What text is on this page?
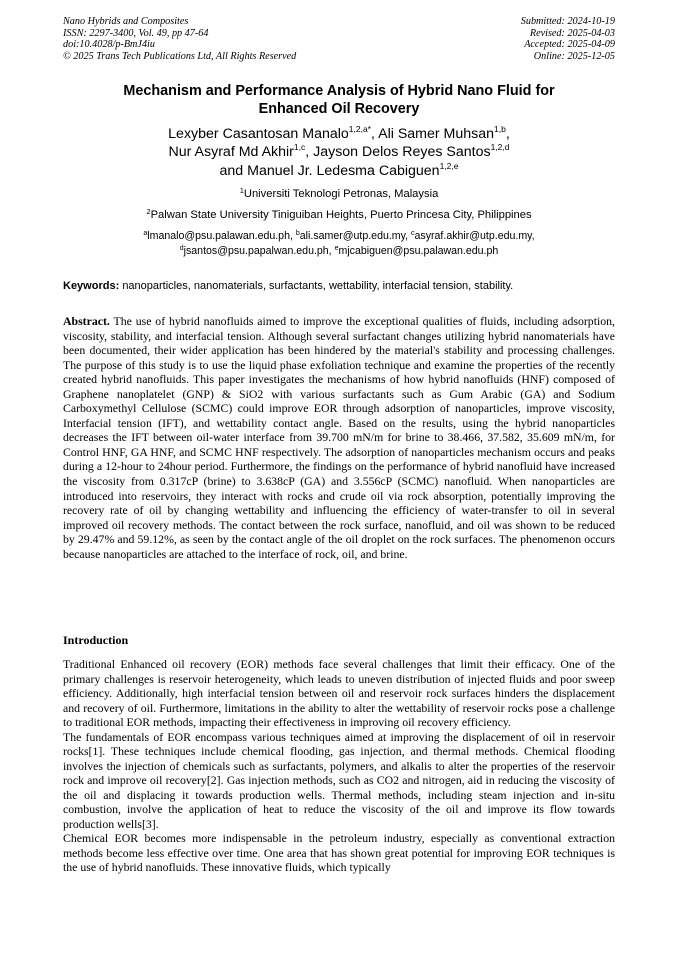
Nano Hybrids and Composites
ISSN: 2297-3400, Vol. 49, pp 47-64
doi:10.4028/p-BmJ4iu
© 2025 Trans Tech Publications Ltd, All Rights Reserved
Submitted: 2024-10-19
Revised: 2025-04-03
Accepted: 2025-04-09
Online: 2025-12-05
Mechanism and Performance Analysis of Hybrid Nano Fluid for
Enhanced Oil Recovery
Lexyber Casantosan Manalo$^{1,2,a*}$, Ali Samer Muhsan$^{1,b}$,
Nur Asyraf Md Akhir$^{1,c}$, Jayson Delos Reyes Santos$^{1,2,d}$
and Manuel Jr. Ledesma Cabiguen$^{1,2,e}$
$^1$Universiti Teknologi Petronas, Malaysia
$^2$Palwan State University Tiniguiban Heights, Puerto Princesa City, Philippines
$^a$lmanalo@psu.palawan.edu.ph, $^b$ali.samer@utp.edu.my, $^c$asyraf.akhir@utp.edu.my,
$^d$jsantos@psu.papalwan.edu.ph, $^e$mjcabiguen@psu.palawan.edu.ph
Keywords: nanoparticles, nanomaterials, surfactants, wettability, interfacial tension, stability.
Abstract. The use of hybrid nanofluids aimed to improve the exceptional qualities of fluids, including adsorption, viscosity, stability, and interfacial tension. Although several surfactant changes utilizing hybrid nanomaterials have been documented, their wider application has been hindered by the material's stability and processing challenges. The purpose of this study is to use the liquid phase exfoliation technique and examine the properties of the recently created hybrid nanofluids. This paper investigates the mechanisms of how hybrid nanofluids (HNF) composed of Graphene nanoplatelet (GNP) & SiO2 with various surfactants such as Gum Arabic (GA) and Sodium Carboxymethyl Cellulose (SCMC) could improve EOR through adsorption of nanoparticles, improve viscosity, Interfacial tension (IFT), and wettability contact angle. Based on the results, using the hybrid nanoparticles decreases the IFT between oil-water interface from 39.700 mN/m for brine to 38.466, 37.582, 35.609 mN/m, for Control HNF, GA HNF, and SCMC HNF respectively. The adsorption of nanoparticles mechanism occurs and peaks during a 12-hour to 24hour period. Furthermore, the findings on the performance of hybrid nanofluid have increased the viscosity from 0.317cP (brine) to 3.638cP (GA) and 3.556cP (SCMC) nanofluid. When nanoparticles are introduced into reservoirs, they interact with rocks and crude oil via rock absorption, potentially improving the recovery rate of oil by changing wettability and influencing the efficiency of water-transfer to oil in several improved oil recovery methods. The contact between the rock surface, nanofluid, and oil was shown to be reduced by 29.47% and 59.12%, as seen by the contact angle of the oil droplet on the rock surfaces. The phenomenon occurs because nanoparticles are attached to the interface of rock, oil, and brine.
Introduction

Traditional Enhanced oil recovery (EOR) methods face several challenges that limit their efficacy. One of the primary challenges is reservoir heterogeneity, which leads to uneven distribution of injected fluids and poor sweep efficiency. Additionally, high interfacial tension between oil and reservoir rock surfaces hinders the displacement and recovery of oil. Furthermore, limitations in the ability to alter the wettability of reservoir rocks pose a challenge to traditional EOR methods, impacting their effectiveness in improving oil recovery efficiency.

The fundamentals of EOR encompass various techniques aimed at improving the displacement of oil in reservoir rocks[1]. These techniques include chemical flooding, gas injection, and thermal methods. Chemical flooding involves the injection of chemicals such as surfactants, polymers, and alkalis to alter the properties of the reservoir rock and improve oil recovery[2]. Gas injection methods, such as CO2 and nitrogen, aid in reducing the viscosity of the oil and displacing it towards production wells. Thermal methods, including steam injection and in-situ combustion, involve the application of heat to reduce the viscosity of the oil and improve its flow towards production wells[3].

Chemical EOR becomes more indispensable in the petroleum industry, especially as conventional extraction methods become less effective over time. One area that has shown great potential for improving EOR techniques is the use of hybrid nanofluids. These innovative fluids, which typically
